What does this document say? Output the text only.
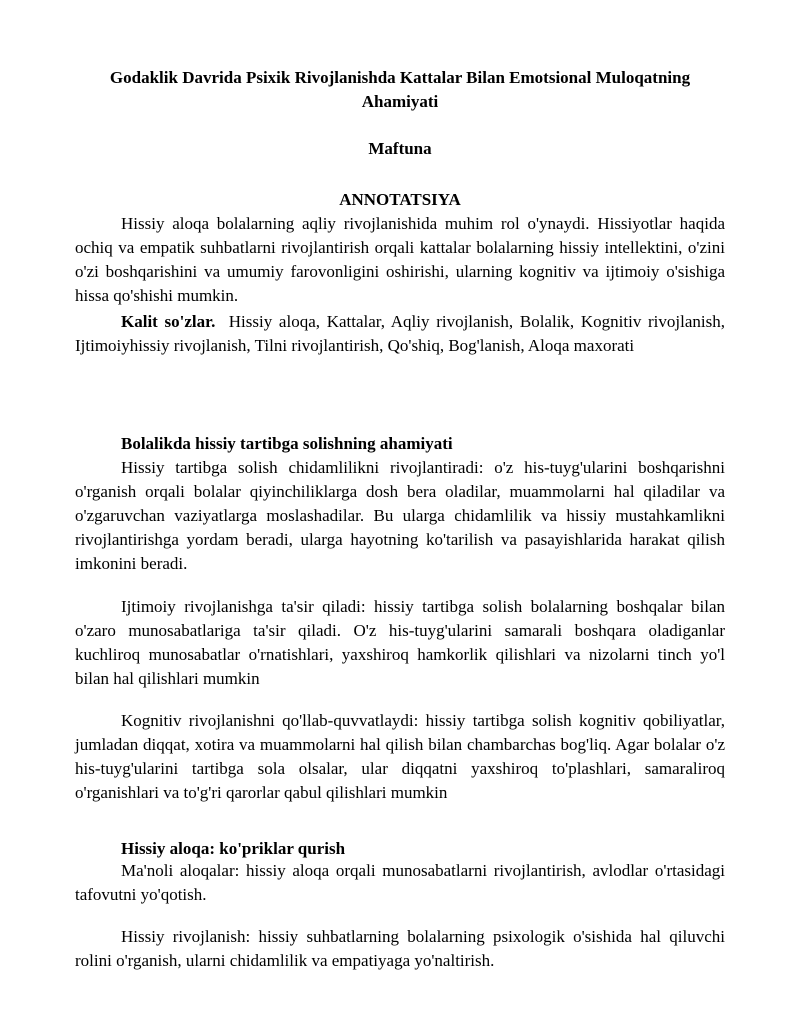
Godaklik Davrida Psixik Rivojlanishda Kattalar Bilan Emotsional Muloqatning Ahamiyati

Maftuna

ANNOTATSIYA

Hissiy aloqa bolalarning aqliy rivojlanishida muhim rol o'ynaydi. Hissiyotlar haqida ochiq va empatik suhbatlarni rivojlantirish orqali kattalar bolalarning hissiy intellektini, o'zini o'zi boshqarishini va umumiy farovonligini oshirishi, ularning kognitiv va ijtimoiy o'sishiga hissa qo'shishi mumkin.

Kalit so'zlar. Hissiy aloqa, Kattalar, Aqliy rivojlanish, Bolalik, Kognitiv rivojlanish, Ijtimoiyhissiy rivojlanish, Tilni rivojlantirish, Qo'shiq, Bog'lanish, Aloqa maxorati

Bolalikda hissiy tartibga solishning ahamiyati

Hissiy tartibga solish chidamlilikni rivojlantiradi: o'z his-tuyg'ularini boshqarishni o'rganish orqali bolalar qiyinchiliklarga dosh bera oladilar, muammolarni hal qiladilar va o'zgaruvchan vaziyatlarga moslashadilar. Bu ularga chidamlilik va hissiy mustahkamlikni rivojlantirishga yordam beradi, ularga hayotning ko'tarilish va pasayishlarida harakat qilish imkonini beradi.

Ijtimoiy rivojlanishga ta'sir qiladi: hissiy tartibga solish bolalarning boshqalar bilan o'zaro munosabatlariga ta'sir qiladi. O'z his-tuyg'ularini samarali boshqara oladiganlar kuchliroq munosabatlar o'rnatishlari, yaxshiroq hamkorlik qilishlari va nizolarni tinch yo'l bilan hal qilishlari mumkin

Kognitiv rivojlanishni qo'llab-quvvatlaydi: hissiy tartibga solish kognitiv qobiliyatlar, jumladan diqqat, xotira va muammolarni hal qilish bilan chambarchas bog'liq. Agar bolalar o'z his-tuyg'ularini tartibga sola olsalar, ular diqqatni yaxshiroq to'plashlari, samaraliroq o'rganishlari va to'g'ri qarorlar qabul qilishlari mumkin

Hissiy aloqa: ko'priklar qurish

Ma'noli aloqalar: hissiy aloqa orqali munosabatlarni rivojlantirish, avlodlar o'rtasidagi tafovutni yo'qotish.

Hissiy rivojlanish: hissiy suhbatlarning bolalarning psixologik o'sishida hal qiluvchi rolini o'rganish, ularni chidamlilik va empatiyaga yo'naltirish.
